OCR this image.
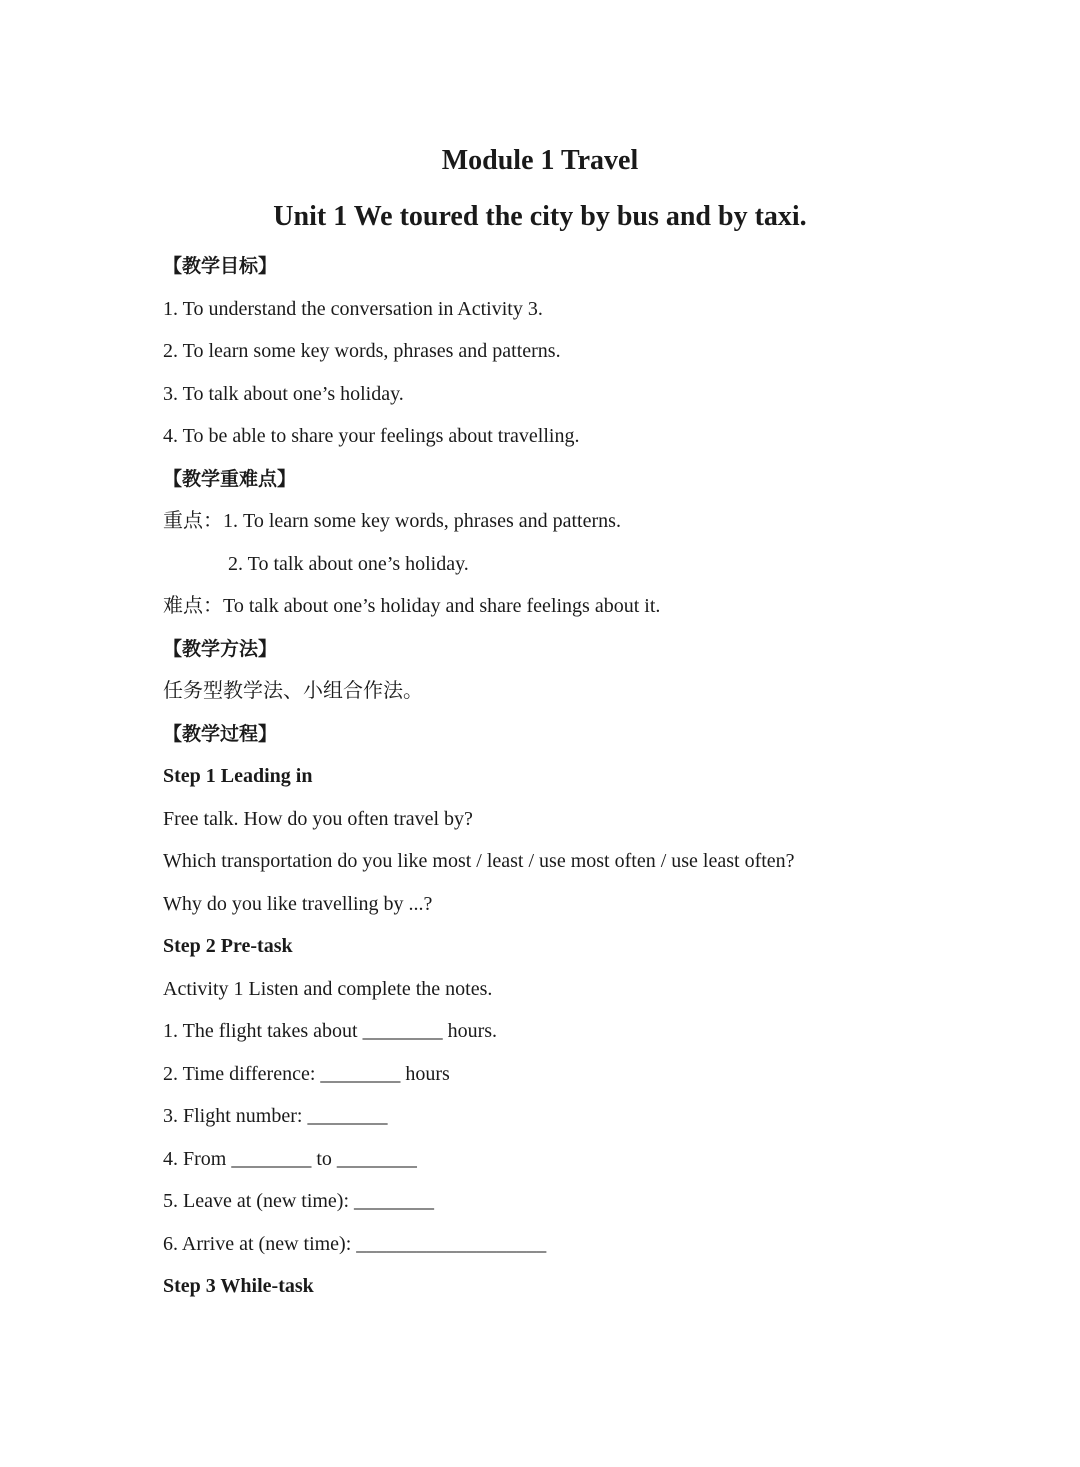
Module 1 Travel
Unit 1 We toured the city by bus and by taxi.
【教学目标】
1. To understand the conversation in Activity 3.
2. To learn some key words, phrases and patterns.
3. To talk about one’s holiday.
4. To be able to share your feelings about travelling.
【教学重难点】
重点：1. To learn some key words, phrases and patterns.
2. To talk about one’s holiday.
难点：To talk about one’s holiday and share feelings about it.
【教学方法】
任务型教学法、小组合作法。
【教学过程】
Step 1 Leading in
Free talk. How do you often travel by?
Which transportation do you like most / least / use most often / use least often?
Why do you like travelling by ...?
Step 2 Pre-task
Activity 1 Listen and complete the notes.
1. The flight takes about ________ hours.
2. Time difference: ________ hours
3. Flight number: ________
4. From ________ to ________
5. Leave at (new time): ________
6. Arrive at (new time): ___________________
Step 3 While-task
